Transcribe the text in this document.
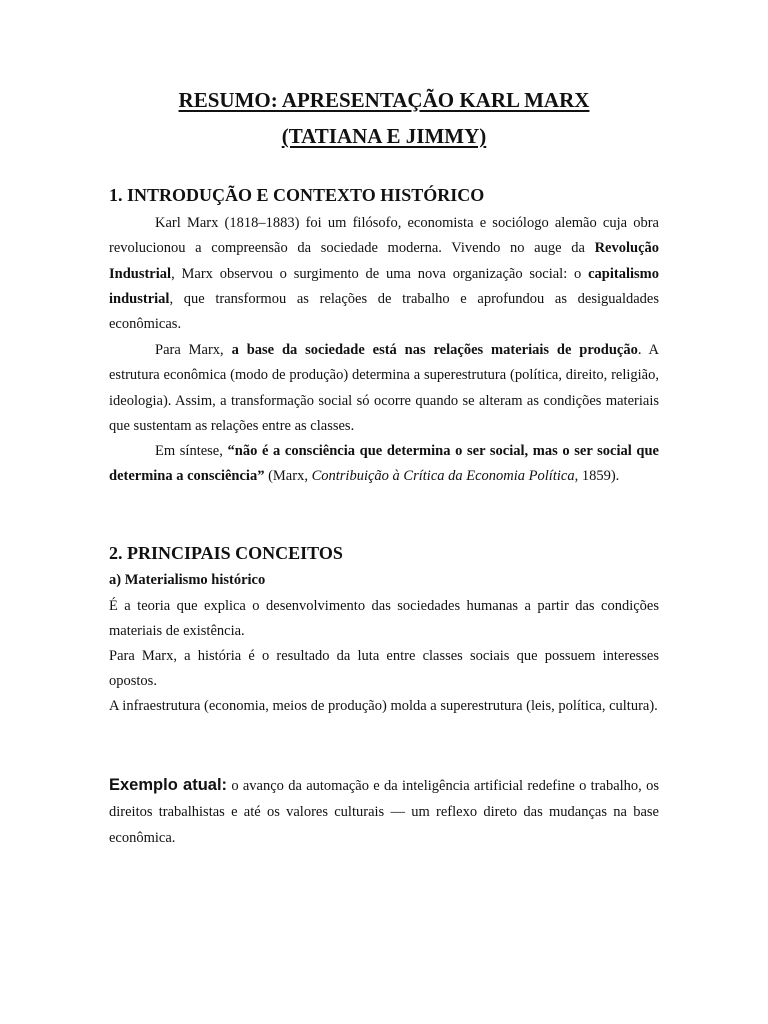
RESUMO: APRESENTAÇÃO KARL MARX
(TATIANA E JIMMY)
1. INTRODUÇÃO E CONTEXTO HISTÓRICO
Karl Marx (1818–1883) foi um filósofo, economista e sociólogo alemão cuja obra revolucionou a compreensão da sociedade moderna. Vivendo no auge da Revolução Industrial, Marx observou o surgimento de uma nova organização social: o capitalismo industrial, que transformou as relações de trabalho e aprofundou as desigualdades econômicas.
Para Marx, a base da sociedade está nas relações materiais de produção. A estrutura econômica (modo de produção) determina a superestrutura (política, direito, religião, ideologia). Assim, a transformação social só ocorre quando se alteram as condições materiais que sustentam as relações entre as classes.
Em síntese, “não é a consciência que determina o ser social, mas o ser social que determina a consciência” (Marx, Contribuição à Crítica da Economia Política, 1859).
2. PRINCIPAIS CONCEITOS
a) Materialismo histórico
É a teoria que explica o desenvolvimento das sociedades humanas a partir das condições materiais de existência.
Para Marx, a história é o resultado da luta entre classes sociais que possuem interesses opostos.
A infraestrutura (economia, meios de produção) molda a superestrutura (leis, política, cultura).
Exemplo atual: o avanço da automação e da inteligência artificial redefine o trabalho, os direitos trabalhistas e até os valores culturais — um reflexo direto das mudanças na base econômica.
